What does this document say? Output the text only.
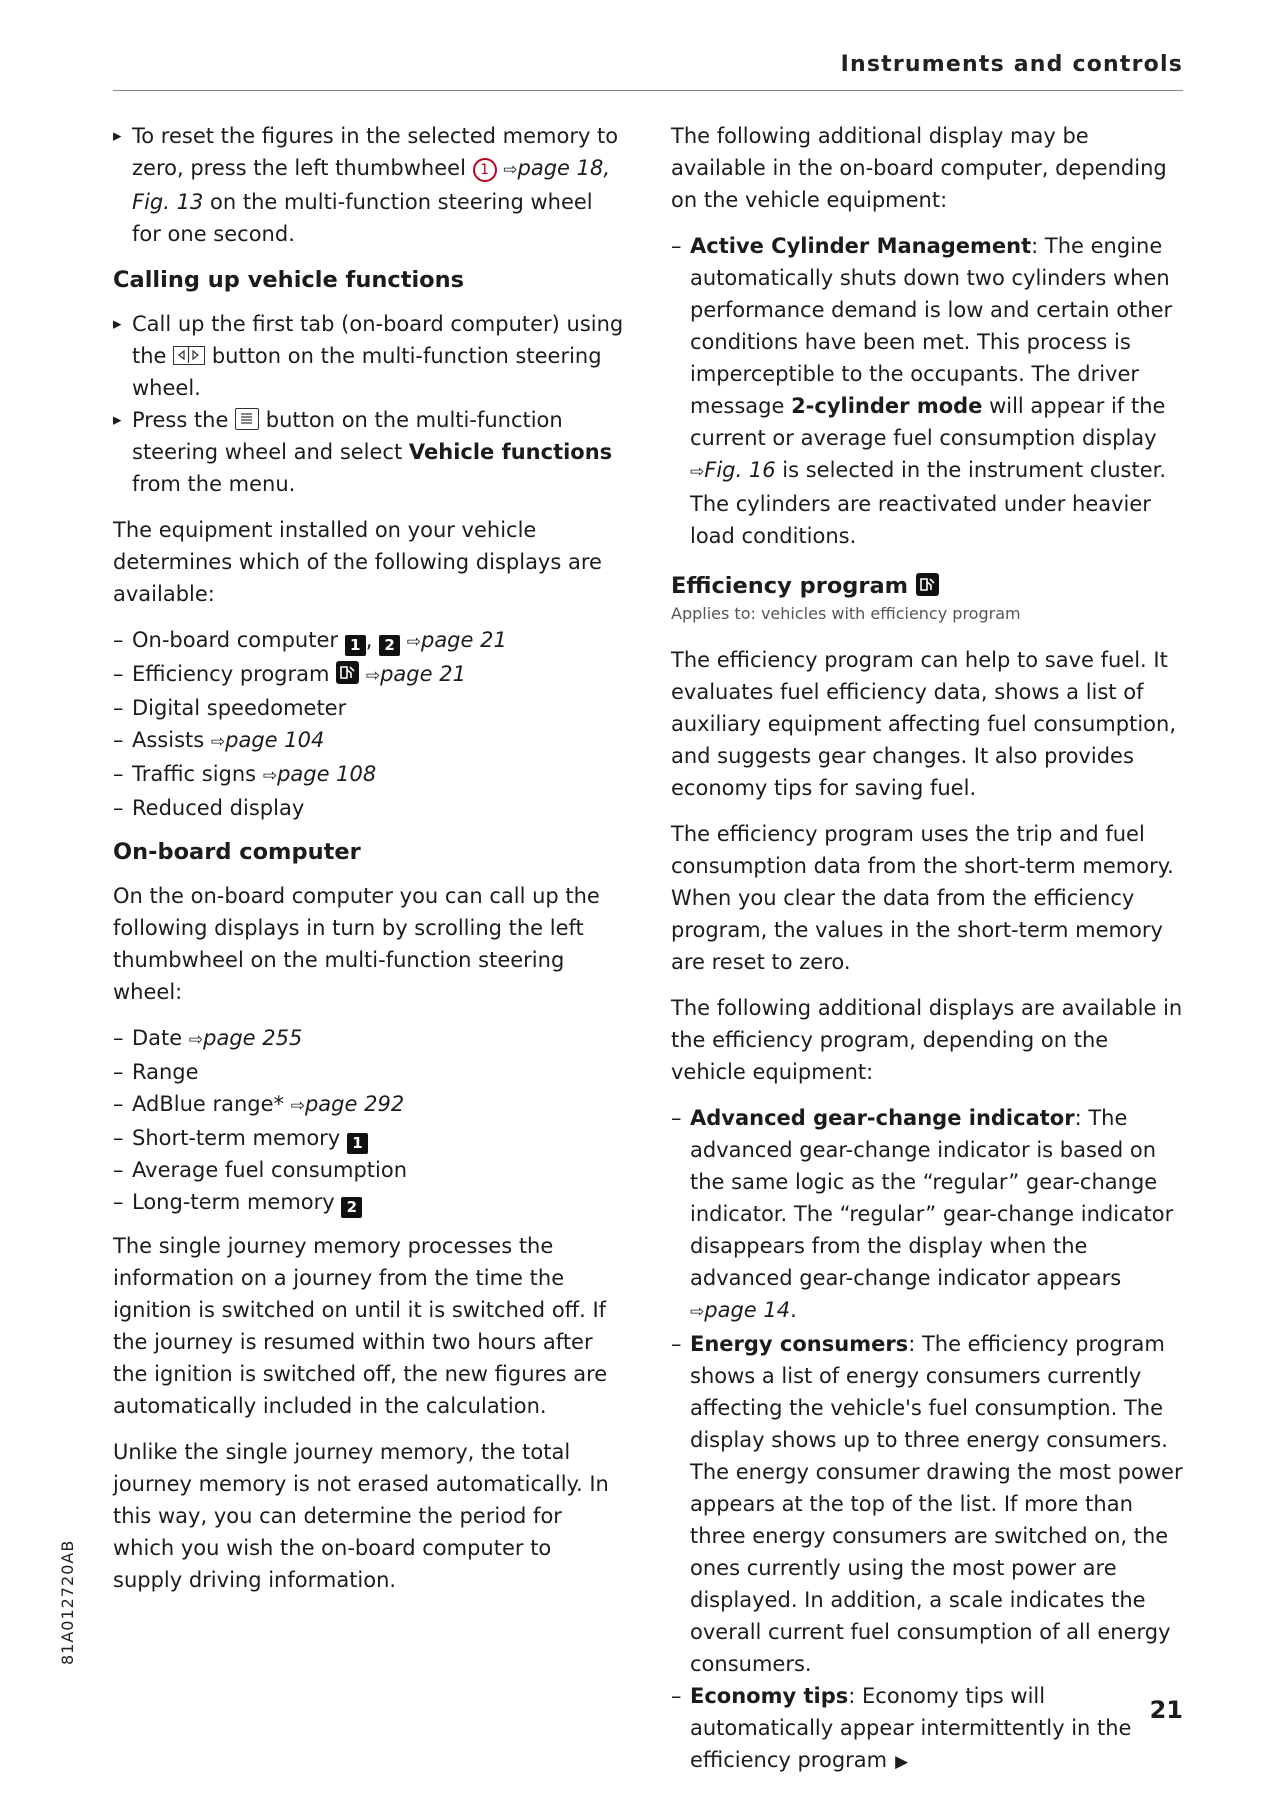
Instruments and controls

▸ To reset the figures in the selected memory to zero, press the left thumbwheel 1 ⇨page 18, Fig. 13 on the multi-function steering wheel for one second.

Calling up vehicle functions

▸ Call up the first tab (on-board computer) using the
button on the multi-function steering wheel.

▸ Press the
button on the multi-function steering wheel and select Vehicle functions from the menu.

The equipment installed on your vehicle determines which of the following displays are available:

– On-board computer 1 , 2 ⇨page 21
– Efficiency program
⇨page 21
– Digital speedometer
– Assists ⇨page 104
– Traffic signs ⇨page 108
– Reduced display
On-board computer

On the on-board computer you can call up the following displays in turn by scrolling the left thumbwheel on the multi-function steering wheel:

– Date ⇨page 255
– Range
– AdBlue range* ⇨page 292
– Short-term memory 1
– Average fuel consumption
– Long-term memory 2

The single journey memory processes the information on a journey from the time the ignition is switched on until it is switched off. If the journey is resumed within two hours after the ignition is switched off, the new figures are automatically included in the calculation.

Unlike the single journey memory, the total journey memory is not erased automatically. In this way, you can determine the period for which you wish the on-board computer to supply driving information.

The following additional display may be available in the on-board computer, depending on the vehicle equipment:

– Active Cylinder Management: The engine automatically shuts down two cylinders when performance demand is low and certain other conditions have been met. This process is imperceptible to the occupants. The driver message 2-cylinder mode will appear if the current or average fuel consumption display ⇨Fig. 16 is selected in the instrument cluster. The cylinders are reactivated under heavier load conditions.
Efficiency program
Applies to: vehicles with efficiency program

The efficiency program can help to save fuel. It evaluates fuel efficiency data, shows a list of auxiliary equipment affecting fuel consumption, and suggests gear changes. It also provides economy tips for saving fuel.

The efficiency program uses the trip and fuel consumption data from the short-term memory. When you clear the data from the efficiency program, the values in the short-term memory are reset to zero.

The following additional displays are available in the efficiency program, depending on the vehicle equipment:

– Advanced gear-change indicator: The advanced gear-change indicator is based on the same logic as the “regular” gear-change indicator. The “regular” gear-change indicator disappears from the display when the advanced gear-change indicator appears ⇨page 14.
– Energy consumers: The efficiency program shows a list of energy consumers currently affecting the vehicle's fuel consumption. The display shows up to three energy consumers. The energy consumer drawing the most power appears at the top of the list. If more than three energy consumers are switched on, the ones currently using the most power are displayed. In addition, a scale indicates the overall current fuel consumption of all energy consumers.
– Economy tips: Economy tips will automatically appear intermittently in the efficiency program ▶
81A012720AB
21
